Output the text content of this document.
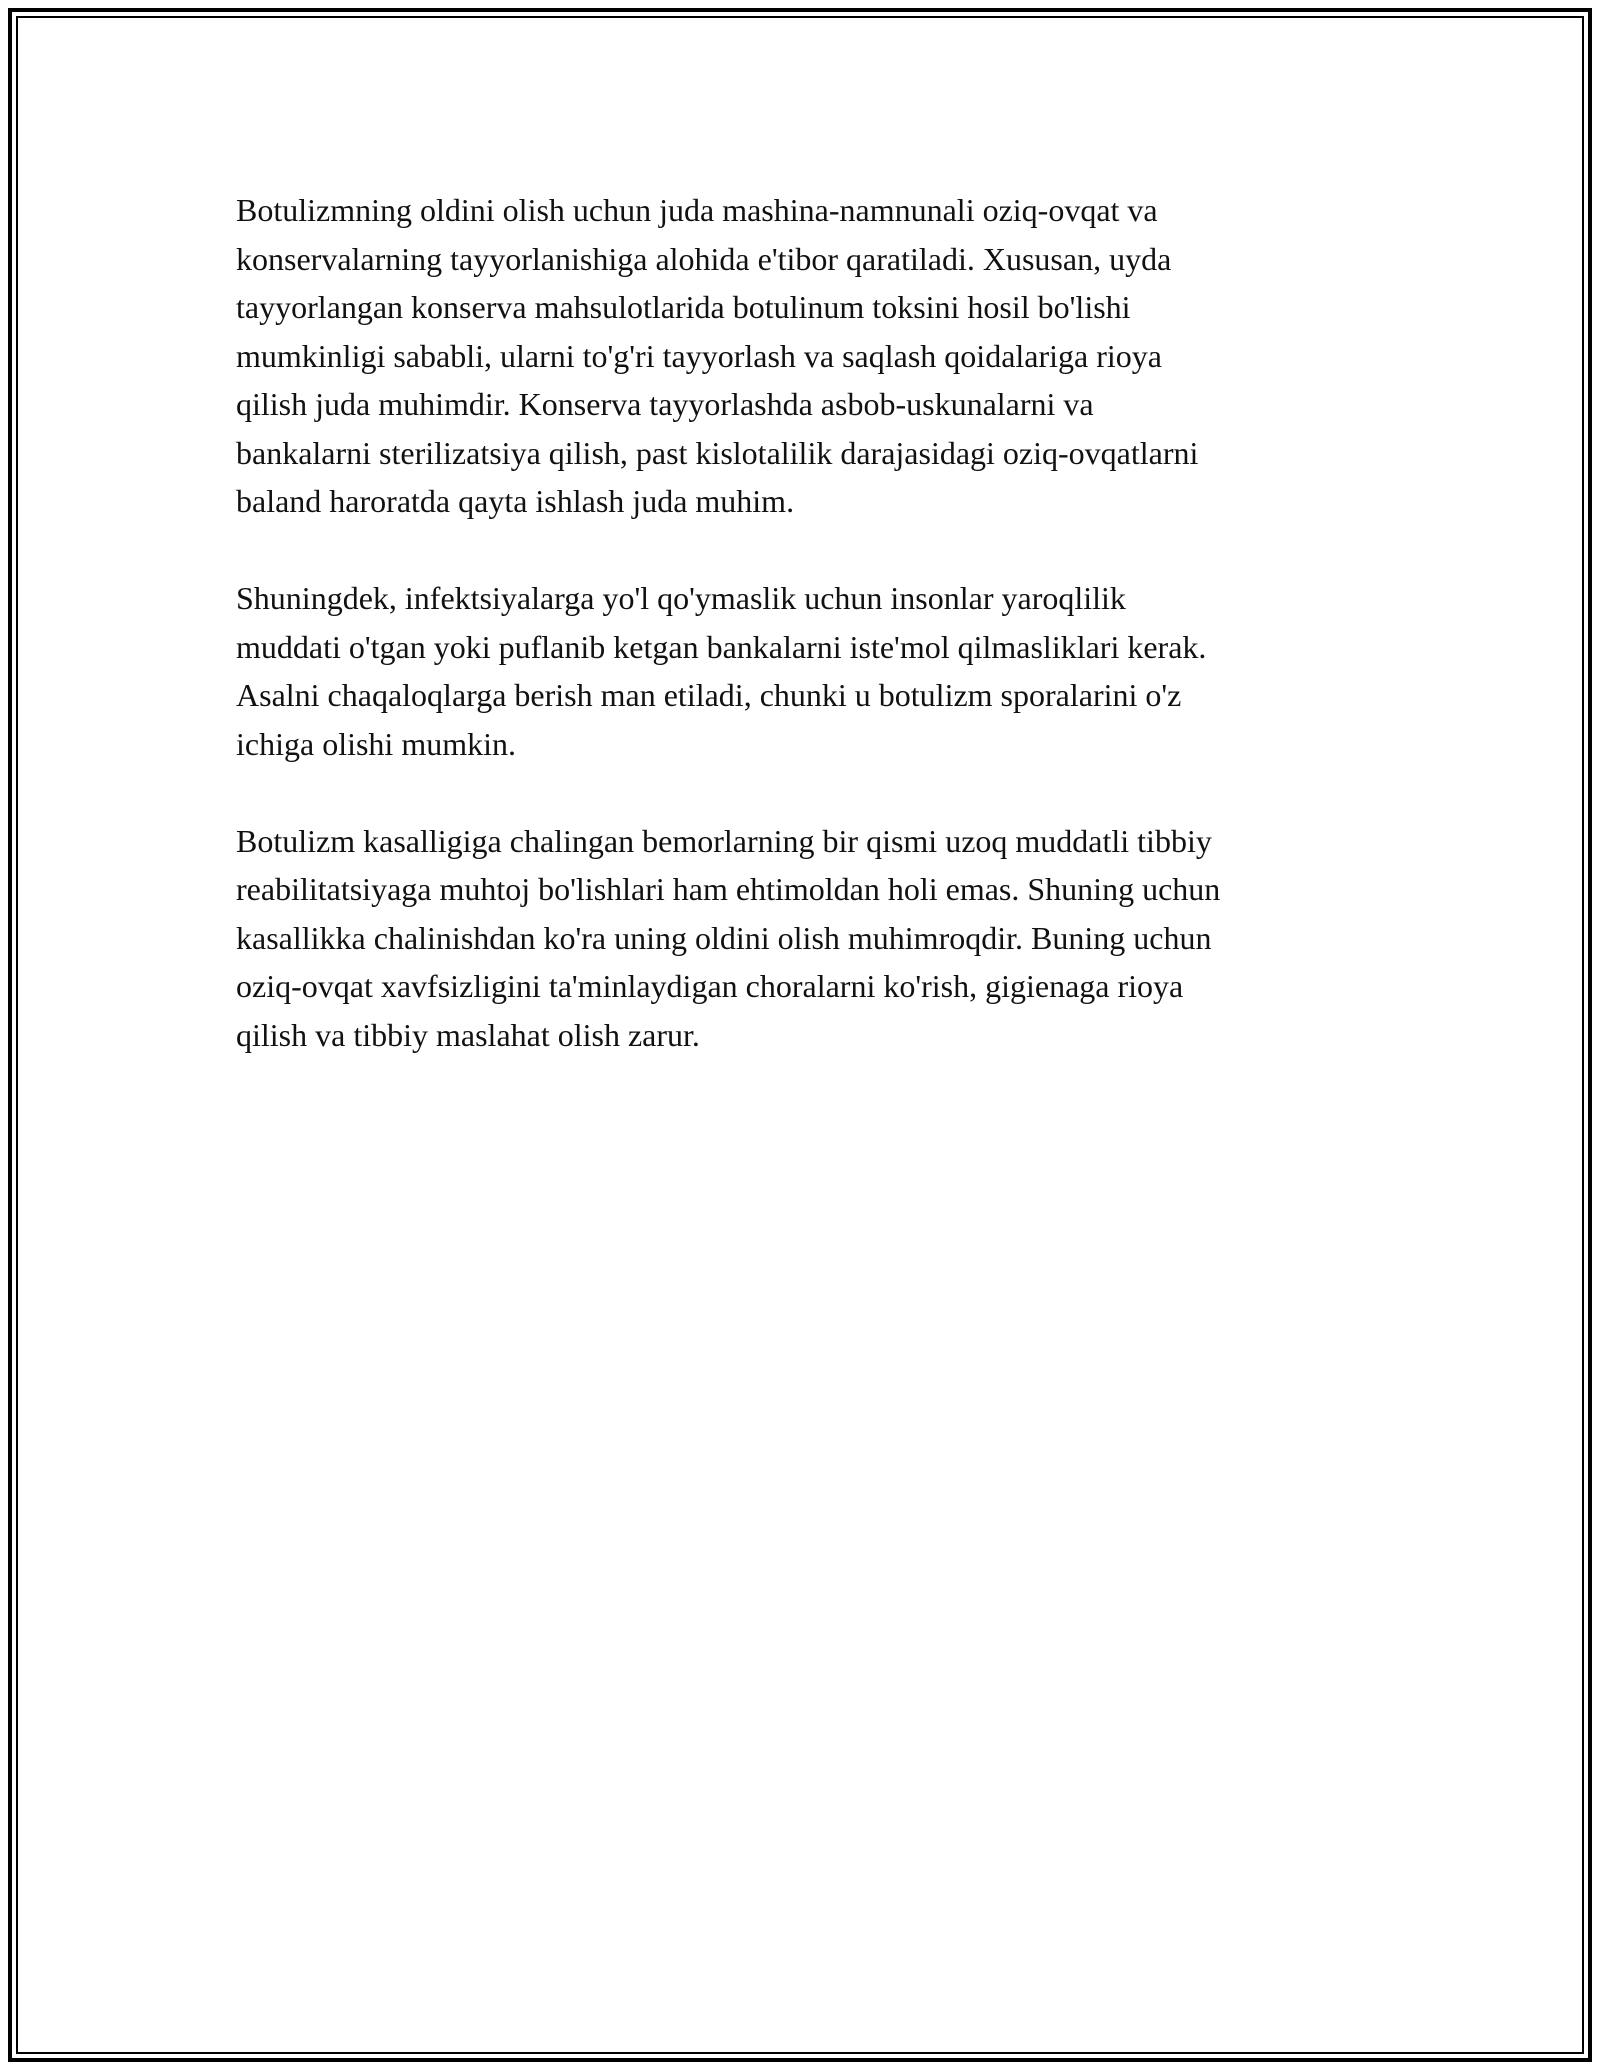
Botulizmning oldini olish uchun juda mashina-namnunali oziq-ovqat va
konservalarning tayyorlanishiga alohida e'tibor qaratiladi. Xususan, uyda
tayyorlangan konserva mahsulotlarida botulinum toksini hosil bo'lishi
mumkinligi sababli, ularni to'g'ri tayyorlash va saqlash qoidalariga rioya
qilish juda muhimdir. Konserva tayyorlashda asbob-uskunalarni va
bankalarni sterilizatsiya qilish, past kislotalilik darajasidagi oziq-ovqatlarni
baland haroratda qayta ishlash juda muhim.

Shuningdek, infektsiyalarga yo'l qo'ymaslik uchun insonlar yaroqlilik
muddati o'tgan yoki puflanib ketgan bankalarni iste'mol qilmasliklari kerak.
Asalni chaqaloqlarga berish man etiladi, chunki u botulizm sporalarini o'z
ichiga olishi mumkin.

Botulizm kasalligiga chalingan bemorlarning bir qismi uzoq muddatli tibbiy
reabilitatsiyaga muhtoj bo'lishlari ham ehtimoldan holi emas. Shuning uchun
kasallikka chalinishdan ko'ra uning oldini olish muhimroqdir. Buning uchun
oziq-ovqat xavfsizligini ta'minlaydigan choralarni ko'rish, gigienaga rioya
qilish va tibbiy maslahat olish zarur.
